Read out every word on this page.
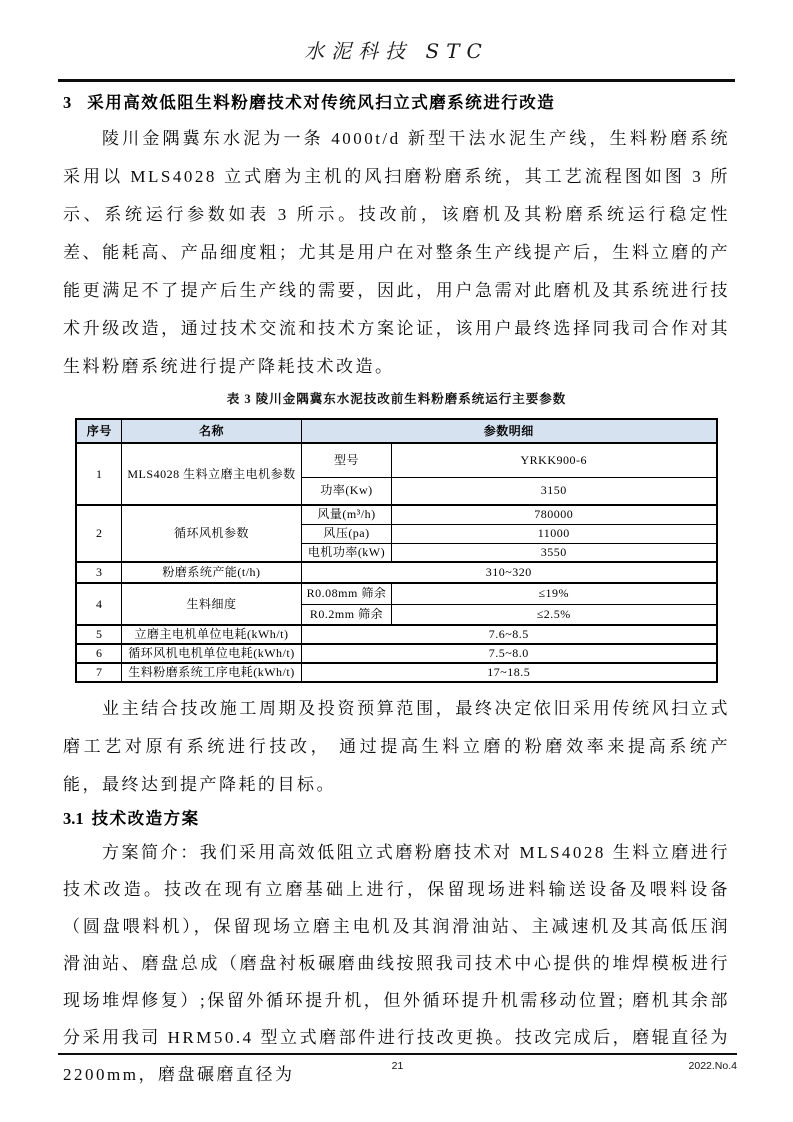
水泥科技 STC
3 采用高效低阻生料粉磨技术对传统风扫立式磨系统进行改造

陵川金隅冀东水泥为一条 4000t/d 新型干法水泥生产线，生料粉磨系统采用以 MLS4028 立式磨为主机的风扫磨粉磨系统，其工艺流程图如图 3 所示、系统运行参数如表 3 所示。技改前，该磨机及其粉磨系统运行稳定性差、能耗高、产品细度粗；尤其是用户在对整条生产线提产后，生料立磨的产能更满足不了提产后生产线的需要，因此，用户急需对此磨机及其系统进行技术升级改造，通过技术交流和技术方案论证，该用户最终选择同我司合作对其生料粉磨系统进行提产降耗技术改造。

表 3 陵川金隅冀东水泥技改前生料粉磨系统运行主要参数
序号	名称	参数明细	
1	MLS4028 生料立磨主电机参数	型号	YRKK900-6
		功率(Kw)	3150
2	循环风机参数	风量(m³/h)	780000
		风压(pa)	11000
		电机功率(kW)	3550
3	粉磨系统产能(t/h)	310~320	
4	生料细度	R0.08mm 筛余	≤19%
		R0.2mm 筛余	≤2.5%
5	立磨主电机单位电耗(kWh/t)	7.6~8.5	
6	循环风机电机单位电耗(kWh/t)	7.5~8.0	
7	生料粉磨系统工序电耗(kWh/t)	17~18.5	

业主结合技改施工周期及投资预算范围，最终决定依旧采用传统风扫立式磨工艺对原有系统进行技改， 通过提高生料立磨的粉磨效率来提高系统产能，最终达到提产降耗的目标。

3.1 技术改造方案

方案简介：我们采用高效低阻立式磨粉磨技术对 MLS4028 生料立磨进行技术改造。技改在现有立磨基础上进行，保留现场进料输送设备及喂料设备（圆盘喂料机），保留现场立磨主电机及其润滑油站、主减速机及其高低压润滑油站、磨盘总成（磨盘衬板碾磨曲线按照我司技术中心提供的堆焊模板进行现场堆焊修复）;保留外循环提升机，但外循环提升机需移动位置; 磨机其余部分采用我司 HRM50.4 型立式磨部件进行技改更换。技改完成后，磨辊直径为 2200mm，磨盘碾磨直径为	21	2022.No.4
